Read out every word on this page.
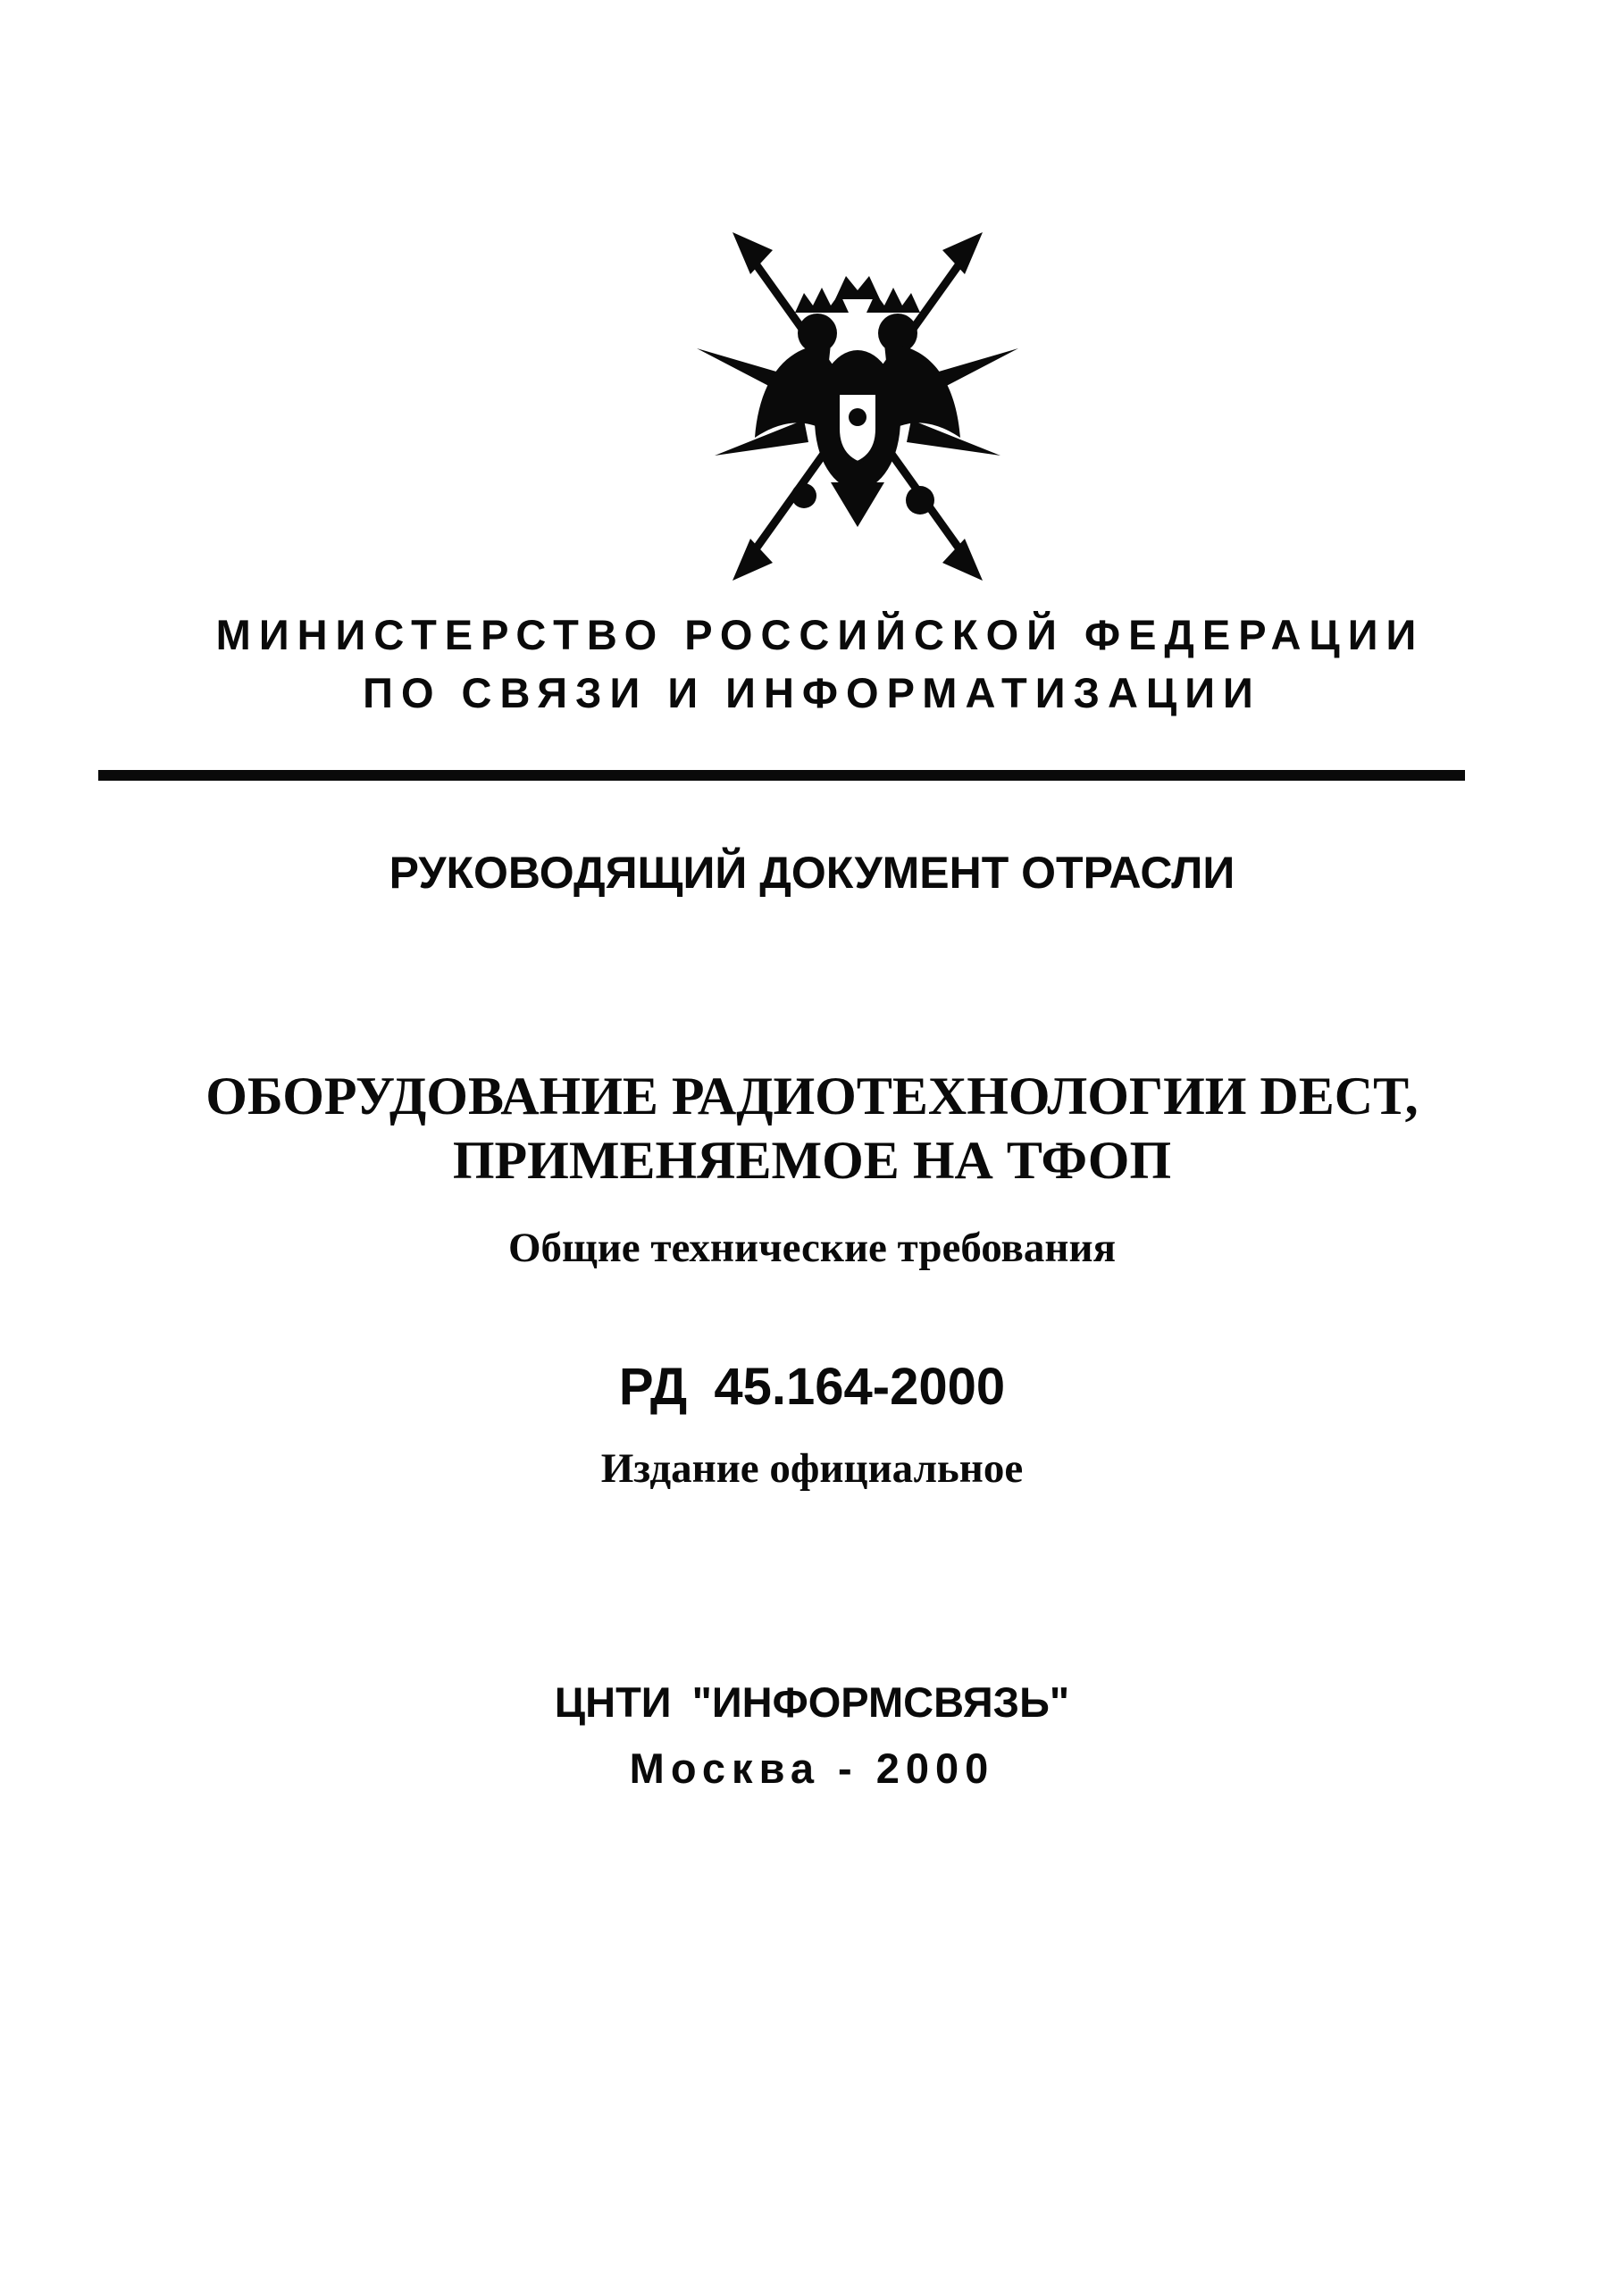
МИНИСТЕРСТВО РОССИЙСКОЙ ФЕДЕРАЦИИ
ПО СВЯЗИ И ИНФОРМАТИЗАЦИИ
РУКОВОДЯЩИЙ ДОКУМЕНТ ОТРАСЛИ
ОБОРУДОВАНИЕ РАДИОТЕХНОЛОГИИ DECT,
ПРИМЕНЯЕМОЕ НА ТФОП
Общие технические требования
РД 45.164-2000
Издание официальное
ЦНТИ "ИНФОРМСВЯЗЬ"
Москва - 2000
